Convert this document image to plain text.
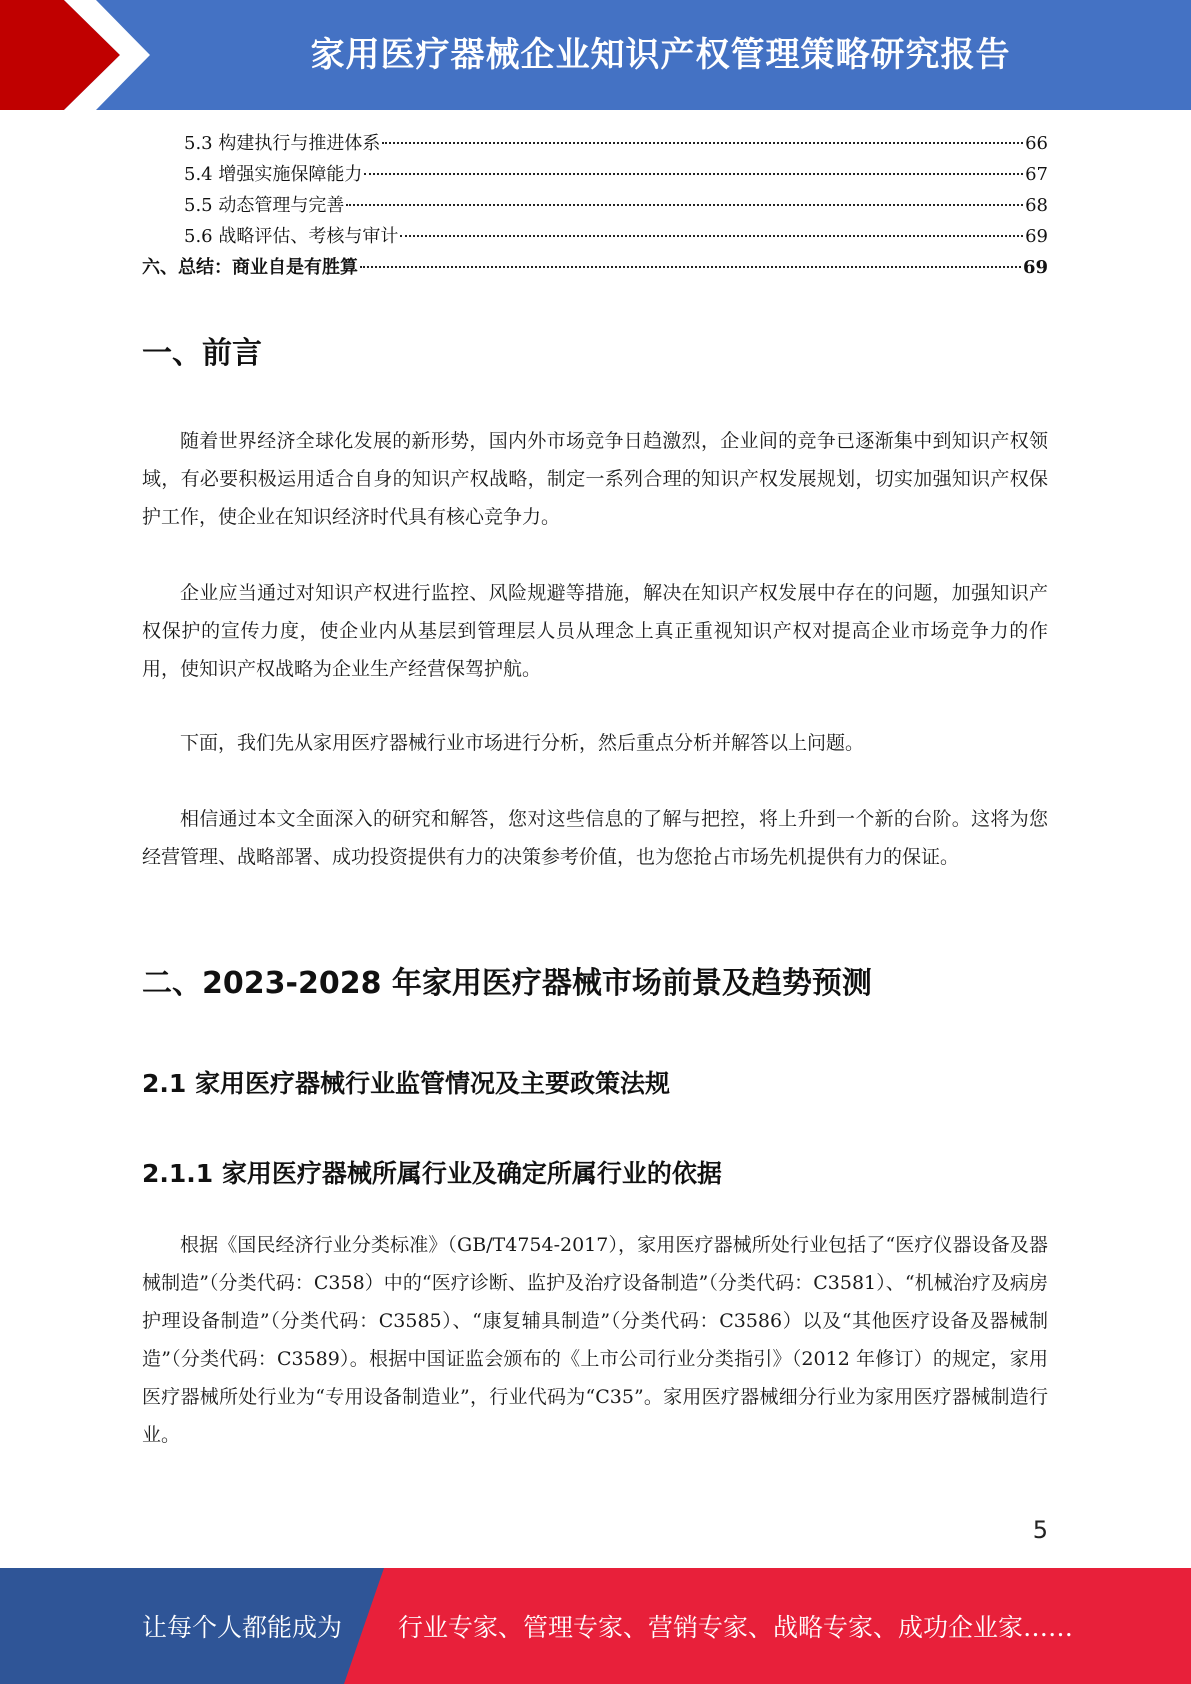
家用医疗器械企业知识产权管理策略研究报告
5.3 构建执行与推进体系	66
5.4 增强实施保障能力	67
5.5 动态管理与完善	68
5.6 战略评估、考核与审计	69
六、总结：商业自是有胜算	69
一、前言

随着世界经济全球化发展的新形势，国内外市场竞争日趋激烈，企业间的竞争已逐渐集中到知识产权领域，有必要积极运用适合自身的知识产权战略，制定一系列合理的知识产权发展规划，切实加强知识产权保护工作，使企业在知识经济时代具有核心竞争力。

企业应当通过对知识产权进行监控、风险规避等措施，解决在知识产权发展中存在的问题，加强知识产权保护的宣传力度，使企业内从基层到管理层人员从理念上真正重视知识产权对提高企业市场竞争力的作用，使知识产权战略为企业生产经营保驾护航。

下面，我们先从家用医疗器械行业市场进行分析，然后重点分析并解答以上问题。

相信通过本文全面深入的研究和解答，您对这些信息的了解与把控，将上升到一个新的台阶。这将为您经营管理、战略部署、成功投资提供有力的决策参考价值，也为您抢占市场先机提供有力的保证。

二、2023-2028 年家用医疗器械市场前景及趋势预测
2.1 家用医疗器械行业监管情况及主要政策法规
2.1.1 家用医疗器械所属行业及确定所属行业的依据

根据《国民经济行业分类标准》（GB/T4754-2017），家用医疗器械所处行业包括了“医疗仪器设备及器械制造”（分类代码：C358）中的“医疗诊断、监护及治疗设备制造”（分类代码：C3581）、“机械治疗及病房护理设备制造”（分类代码：C3585）、“康复辅具制造”（分类代码：C3586）以及“其他医疗设备及器械制造”（分类代码：C3589）。根据中国证监会颁布的《上市公司行业分类指引》（2012 年修订）的规定，家用医疗器械所处行业为“专用设备制造业”，行业代码为“C35”。家用医疗器械细分行业为家用医疗器械制造行业。

5
让每个人都能成为 行业专家、管理专家、营销专家、战略专家、成功企业家……
